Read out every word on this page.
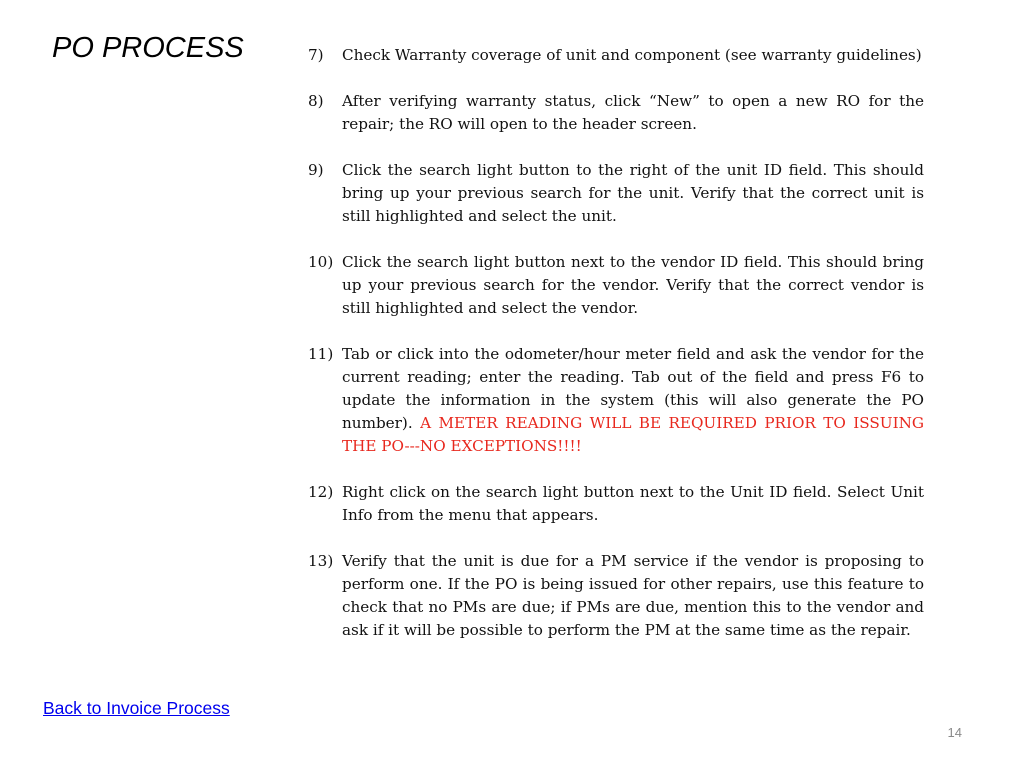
PO PROCESS	7)	Check Warranty coverage of unit and component (see warranty guidelines)
8)	After verifying warranty status, click “New” to open a new RO for the repair; the RO will open to the header screen.
9)	Click the search light button to the right of the unit ID field. This should bring up your previous search for the unit. Verify that the correct unit is still highlighted and select the unit.
10) Click the search light button next to the vendor ID field. This should bring up your previous search for the vendor. Verify that the correct vendor is still highlighted and select the vendor.
11) Tab or click into the odometer/hour meter field and ask the vendor for the current reading; enter the reading. Tab out of the field and press F6 to update the information in the system (this will also generate the PO number). A METER READING WILL BE REQUIRED PRIOR TO ISSUING THE PO---NO EXCEPTIONS!!!!
12) Right click on the search light button next to the Unit ID field. Select Unit Info from the menu that appears.
13) Verify that the unit is due for a PM service if the vendor is proposing to perform one. If the PO is being issued for other repairs, use this feature to check that no PMs are due; if PMs are due, mention this to the vendor and ask if it will be possible to perform the PM at the same time as the repair.
Back to Invoice Process
14
